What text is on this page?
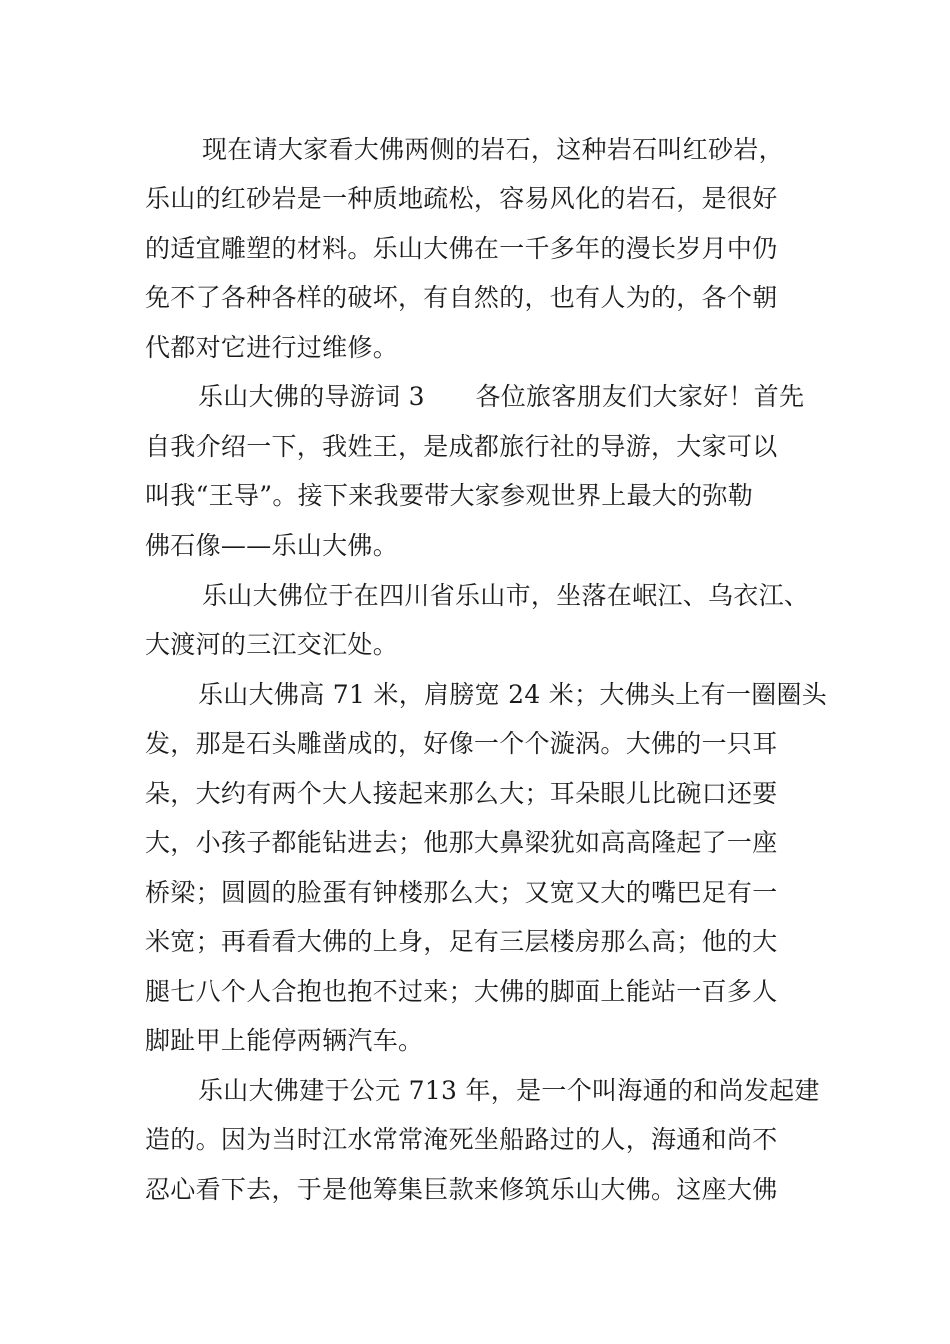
现在请大家看大佛两侧的岩石，这种岩石叫红砂岩，
乐山的红砂岩是一种质地疏松，容易风化的岩石，是很好
的适宜雕塑的材料。乐山大佛在一千多年的漫长岁月中仍
免不了各种各样的破坏，有自然的，也有人为的，各个朝
代都对它进行过维修。
乐山大佛的导游词 3　　各位旅客朋友们大家好！首先
自我介绍一下，我姓王，是成都旅行社的导游，大家可以
叫我“王导”。接下来我要带大家参观世界上最大的弥勒
佛石像——乐山大佛。
乐山大佛位于在四川省乐山市，坐落在岷江、乌衣江、
大渡河的三江交汇处。
乐山大佛高 71 米，肩膀宽 24 米；大佛头上有一圈圈头
发，那是石头雕凿成的，好像一个个漩涡。大佛的一只耳
朵，大约有两个大人接起来那么大；耳朵眼儿比碗口还要
大，小孩子都能钻进去；他那大鼻梁犹如高高隆起了一座
桥梁；圆圆的脸蛋有钟楼那么大；又宽又大的嘴巴足有一
米宽；再看看大佛的上身，足有三层楼房那么高；他的大
腿七八个人合抱也抱不过来；大佛的脚面上能站一百多人
脚趾甲上能停两辆汽车。
乐山大佛建于公元 713 年，是一个叫海通的和尚发起建
造的。因为当时江水常常淹死坐船路过的人，海通和尚不
忍心看下去，于是他筹集巨款来修筑乐山大佛。这座大佛
